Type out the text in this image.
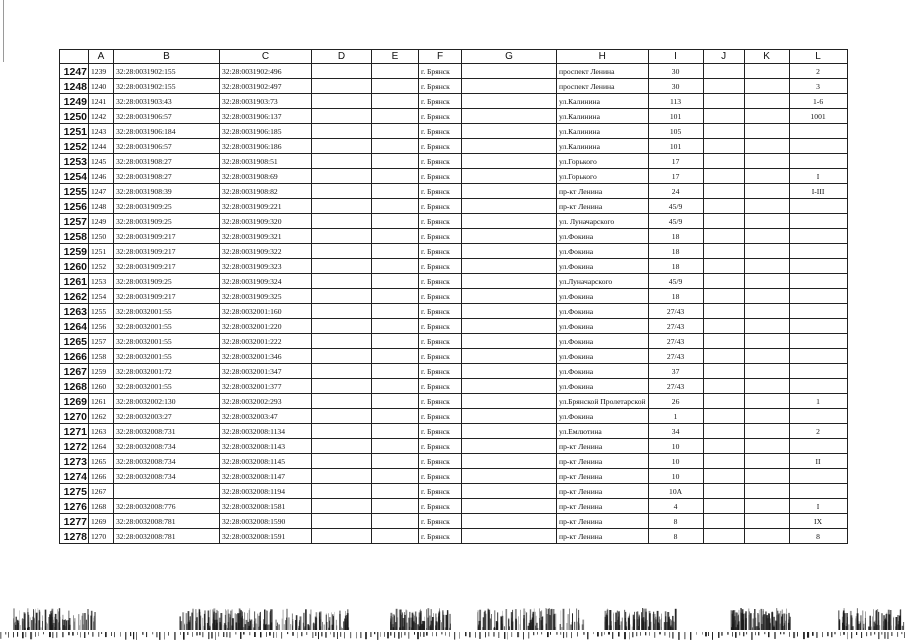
	A	B	C	D	E	F	G	H	I	J	K	L
1247	1239	32:28:0031902:155	32:28:0031902:496			г. Брянск		проспект Ленина	30			2
1248	1240	32:28:0031902:155	32:28:0031902:497			г. Брянск		проспект Ленина	30			3
1249	1241	32:28:0031903:43	32:28:0031903:73			г. Брянск		ул.Калинина	113			1-6
1250	1242	32:28:0031906:57	32:28:0031906:137			г. Брянск		ул.Калинина	101			1001
1251	1243	32:28:0031906:184	32:28:0031906:185			г. Брянск		ул.Калинина	105			
1252	1244	32:28:0031906:57	32:28:0031906:186			г. Брянск		ул.Калинина	101			
1253	1245	32:28:0031908:27	32:28:0031908:51			г. Брянск		ул.Горького	17			
1254	1246	32:28:0031908:27	32:28:0031908:69			г. Брянск		ул.Горького	17			I
1255	1247	32:28:0031908:39	32:28:0031908:82			г. Брянск		пр-кт Ленина	24			I-III
1256	1248	32:28:0031909:25	32:28:0031909:221			г. Брянск		пр-кт Ленина	45/9			
1257	1249	32:28:0031909:25	32:28:0031909:320			г. Брянск		ул. Луначарского	45/9			
1258	1250	32:28:0031909:217	32:28:0031909:321			г. Брянск		ул.Фокина	18			
1259	1251	32:28:0031909:217	32:28:0031909:322			г. Брянск		ул.Фокина	18			
1260	1252	32:28:0031909:217	32:28:0031909:323			г. Брянск		ул.Фокина	18			
1261	1253	32:28:0031909:25	32:28:0031909:324			г. Брянск		ул.Луначарского	45/9			
1262	1254	32:28:0031909:217	32:28:0031909:325			г. Брянск		ул.Фокина	18			
1263	1255	32:28:0032001:55	32:28:0032001:160			г. Брянск		ул.Фокина	27/43			
1264	1256	32:28:0032001:55	32:28:0032001:220			г. Брянск		ул.Фокина	27/43			
1265	1257	32:28:0032001:55	32:28:0032001:222			г. Брянск		ул.Фокина	27/43			
1266	1258	32:28:0032001:55	32:28:0032001:346			г. Брянск		ул.Фокина	27/43			
1267	1259	32:28:0032001:72	32:28:0032001:347			г. Брянск		ул.Фокина	37			
1268	1260	32:28:0032001:55	32:28:0032001:377			г. Брянск		ул.Фокина	27/43			
1269	1261	32:28:0032002:130	32:28:0032002:293			г. Брянск		ул.Брянской Пролетарской	26			1
1270	1262	32:28:0032003:27	32:28:0032003:47			г. Брянск		ул.Фокина	1			
1271	1263	32:28:0032008:731	32:28:0032008:1134			г. Брянск		ул.Емлютина	34			2
1272	1264	32:28:0032008:734	32:28:0032008:1143			г. Брянск		пр-кт Ленина	10			
1273	1265	32:28:0032008:734	32:28:0032008:1145			г. Брянск		пр-кт Ленина	10			II
1274	1266	32:28:0032008:734	32:28:0032008:1147			г. Брянск		пр-кт Ленина	10			
1275	1267		32:28:0032008:1194			г. Брянск		пр-кт Ленина	10А			
1276	1268	32:28:0032008:776	32:28:0032008:1581			г. Брянск		пр-кт Ленина	4			I
1277	1269	32:28:0032008:781	32:28:0032008:1590			г. Брянск		пр-кт Ленина	8			IX
1278	1270	32:28:0032008:781	32:28:0032008:1591			г. Брянск		пр-кт Ленина	8			8
